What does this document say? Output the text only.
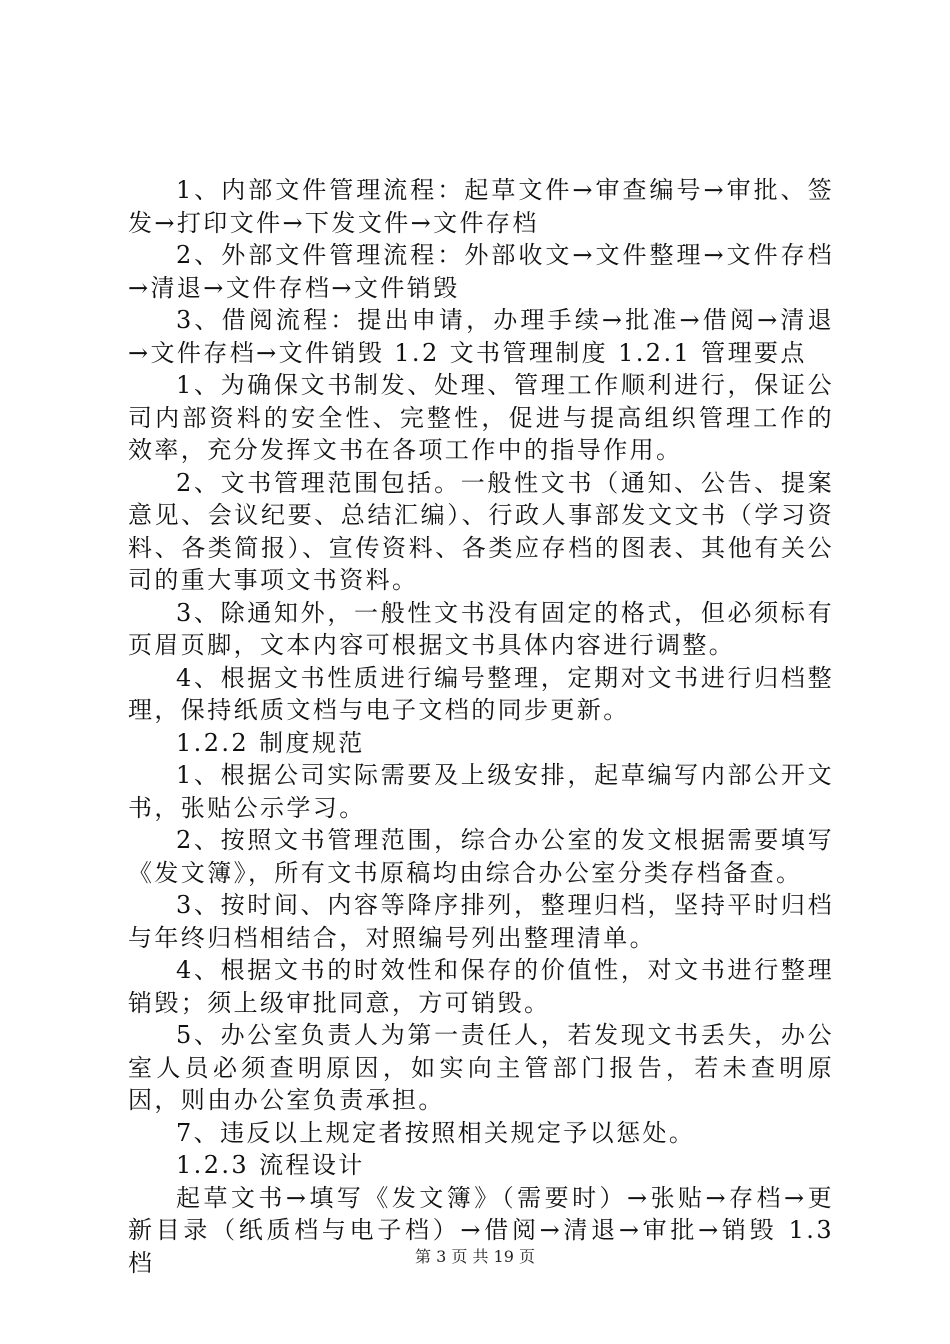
1、内部文件管理流程：起草文件→审查编号→审批、签发→打印文件→下发文件→文件存档

2、外部文件管理流程：外部收文→文件整理→文件存档→清退→文件存档→文件销毁

3、借阅流程：提出申请，办理手续→批准→借阅→清退→文件存档→文件销毁 1.2 文书管理制度 1.2.1 管理要点

1、为确保文书制发、处理、管理工作顺利进行，保证公司内部资料的安全性、完整性，促进与提高组织管理工作的效率，充分发挥文书在各项工作中的指导作用。

2、文书管理范围包括。一般性文书（通知、公告、提案意见、会议纪要、总结汇编）、行政人事部发文文书（学习资料、各类简报）、宣传资料、各类应存档的图表、其他有关公司的重大事项文书资料。

3、除通知外，一般性文书没有固定的格式，但必须标有页眉页脚，文本内容可根据文书具体内容进行调整。

4、根据文书性质进行编号整理，定期对文书进行归档整理，保持纸质文档与电子文档的同步更新。

1.2.2 制度规范

1、根据公司实际需要及上级安排，起草编写内部公开文书，张贴公示学习。

2、按照文书管理范围，综合办公室的发文根据需要填写《发文簿》，所有文书原稿均由综合办公室分类存档备查。

3、按时间、内容等降序排列，整理归档，坚持平时归档与年终归档相结合，对照编号列出整理清单。

4、根据文书的时效性和保存的价值性，对文书进行整理销毁；须上级审批同意，方可销毁。

5、办公室负责人为第一责任人，若发现文书丢失，办公室人员必须查明原因，如实向主管部门报告，若未查明原因，则由办公室负责承担。

7、违反以上规定者按照相关规定予以惩处。

1.2.3 流程设计

起草文书→填写《发文簿》（需要时）→张贴→存档→更新目录（纸质档与电子档）→借阅→清退→审批→销毁 1.3 档	第 3 页 共 19 页
